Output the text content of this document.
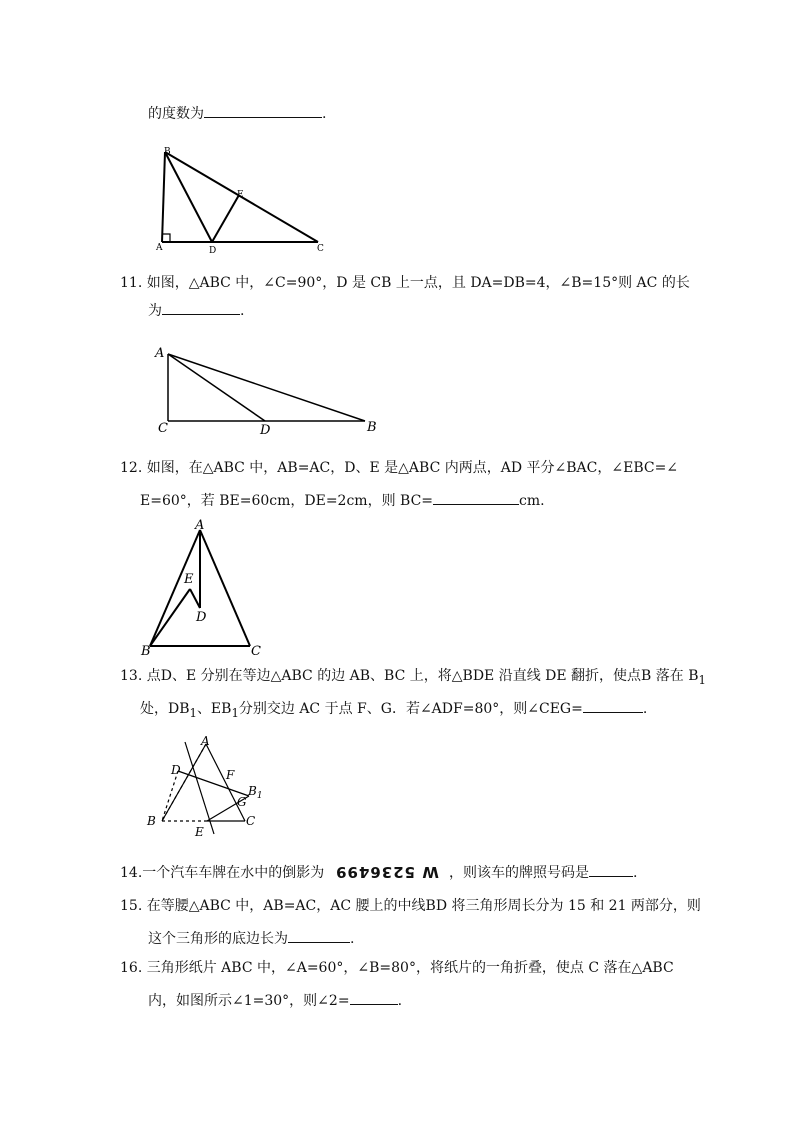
的度数为	.
B
A	D
E
C
11. 如图，△ABC 中，∠C=90°，D 是 CB 上一点，且 DA=DB=4，∠B=15°则 AC 的长
为	.
A
C	D	B
12. 如图，在△ABC 中，AB=AC，D、E 是△ABC 内两点，AD 平分∠BAC，∠EBC=∠
E=60°，若 BE=60cm，DE=2cm，则 BC=	cm.
A
E
D
B	C
13. 点D、E 分别在等边△ABC 的边 AB、BC 上，将△BDE 沿直线 DE 翻折，使点B 落在 $B_1$
处，$DB_1$、$EB_1$分别交边 AC 于点 F、G．若∠ADF=80°，则∠CEG=	.
A
D	F
$B_1$
G
B
E
C
14.一个汽车车牌在水中的倒影为 W 5236499 ，则该车的牌照号码是	.
15. 在等腰△ABC 中，AB=AC，AC 腰上的中线BD 将三角形周长分为 15 和 21 两部分，则
这个三角形的底边长为	.
16. 三角形纸片 ABC 中，∠A=60°，∠B=80°，将纸片的一角折叠，使点 C 落在△ABC
内，如图所示∠1=30°，则∠2=	.
